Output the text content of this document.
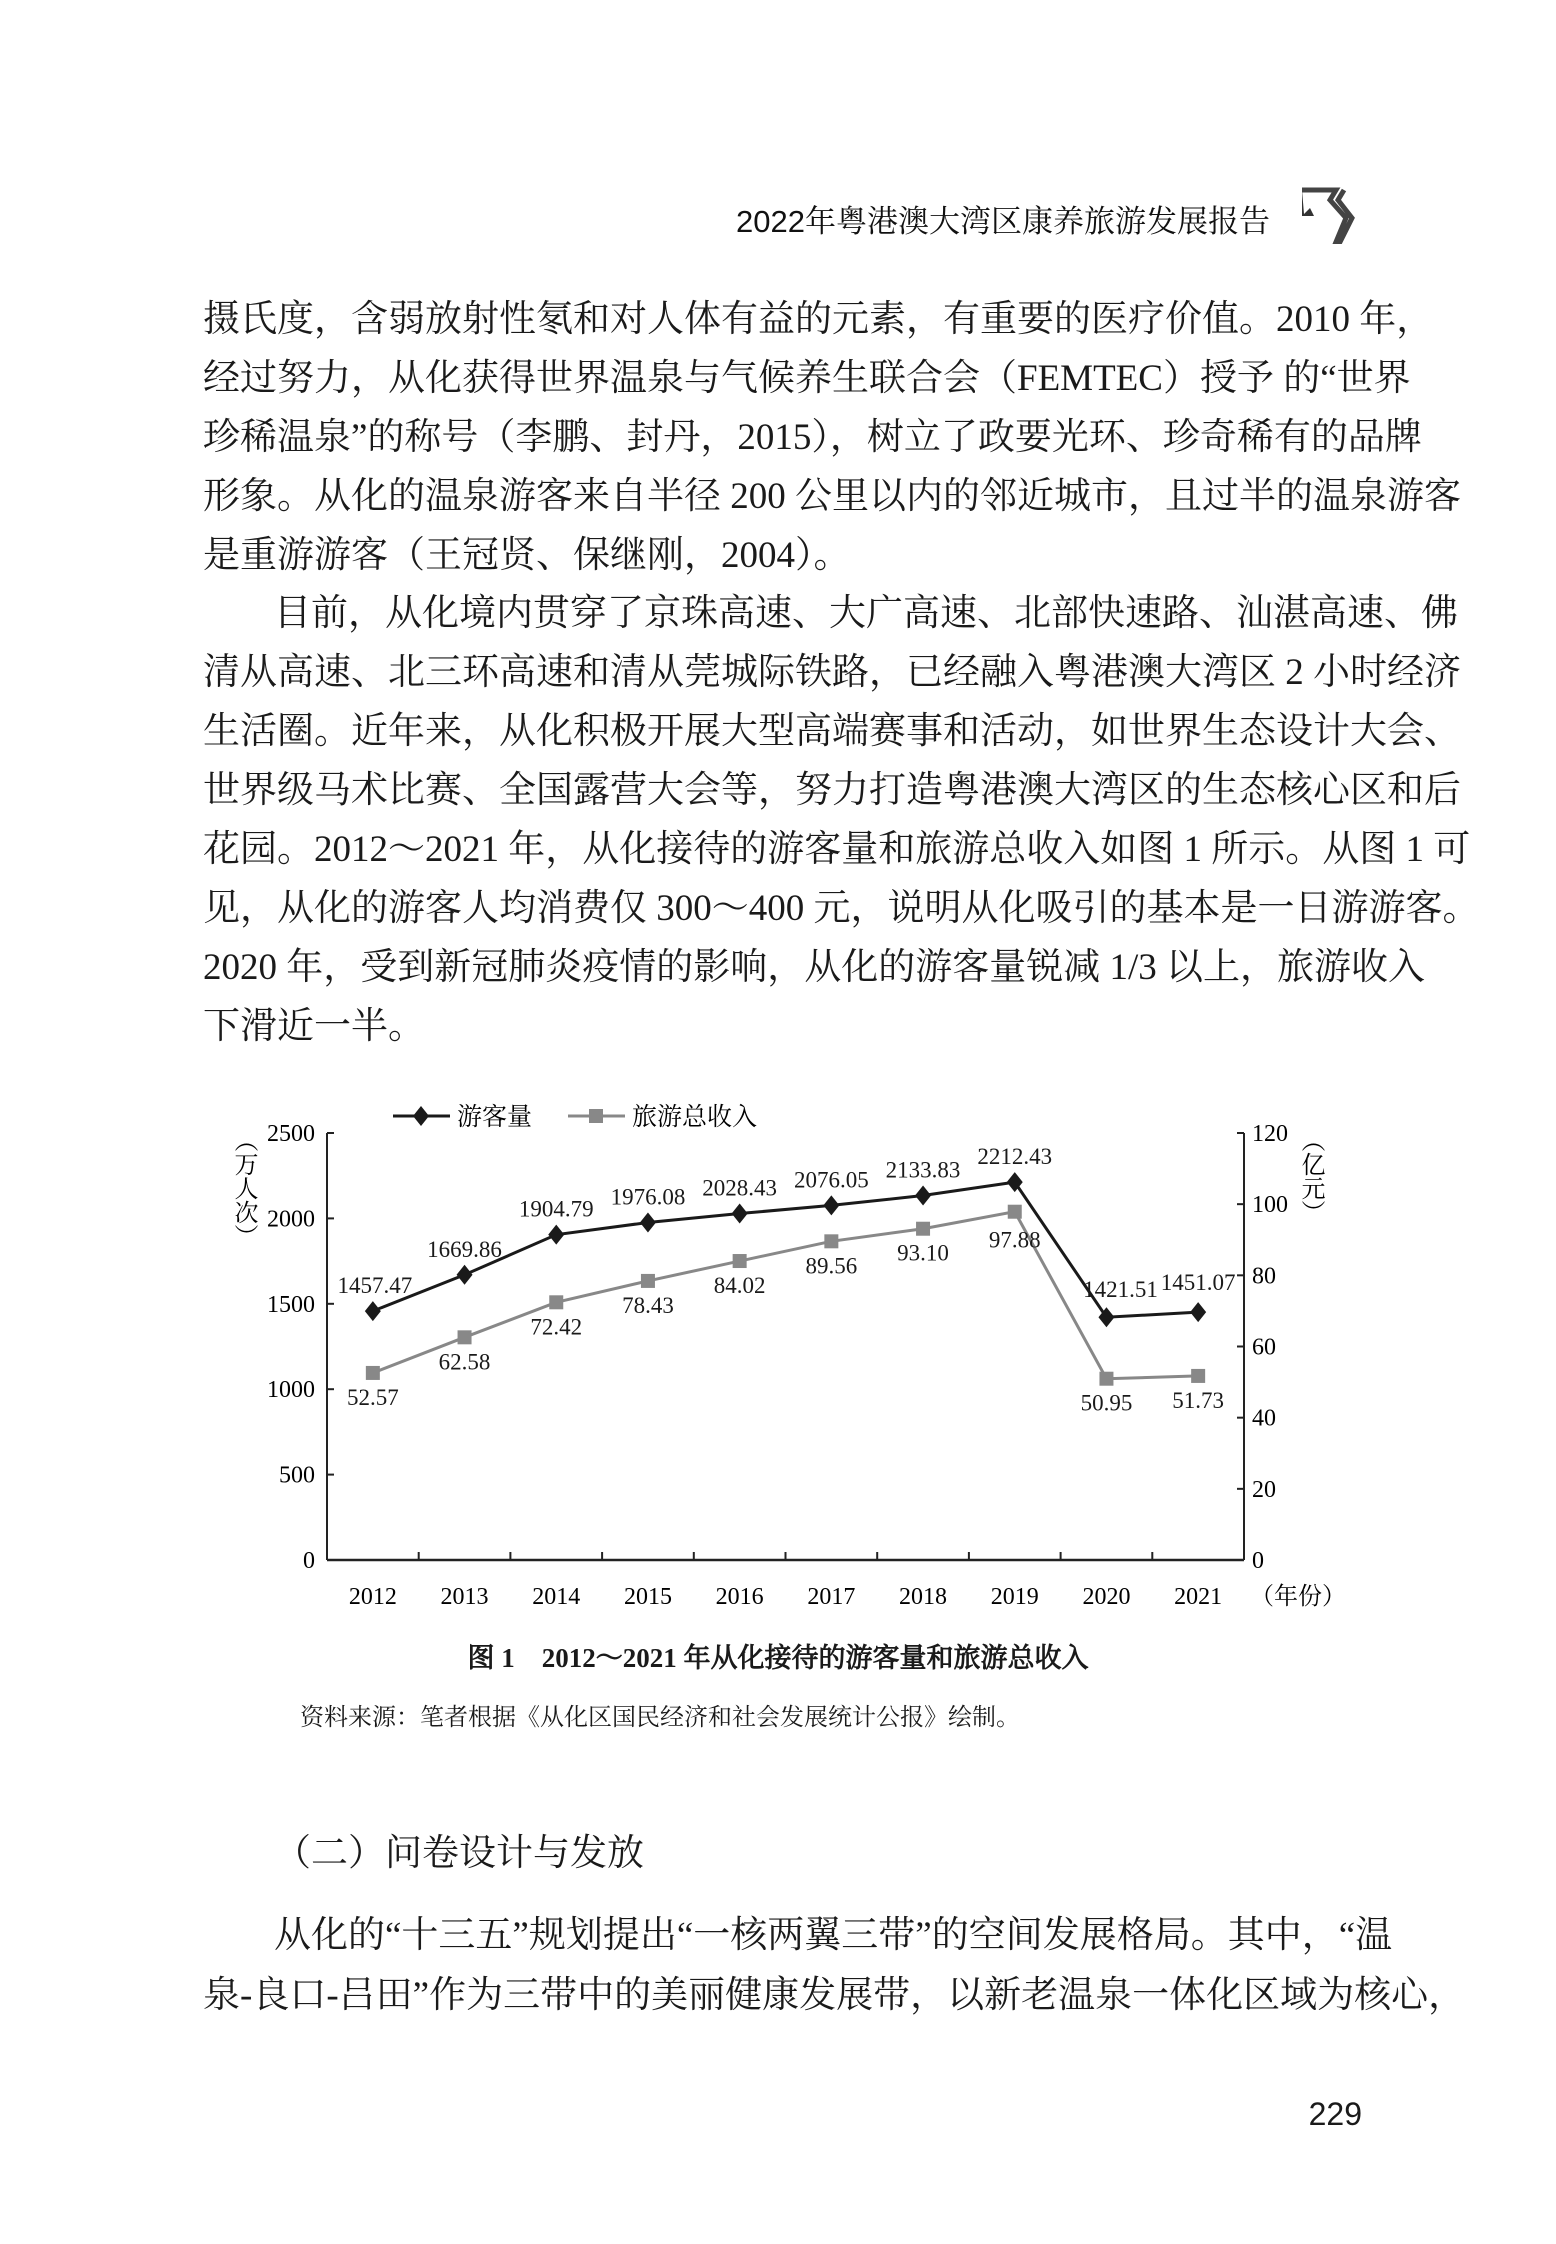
2022年粤港澳大湾区康养旅游发展报告
摄氏度，含弱放射性氡和对人体有益的元素，有重要的医疗价值。2010 年，
经过努力，从化获得世界温泉与气候养生联合会（FEMTEC）授予 的“世界
珍稀温泉”的称号（李鹏、封丹，2015），树立了政要光环、珍奇稀有的品牌
形象。从化的温泉游客来自半径 200 公里以内的邻近城市，且过半的温泉游客
是重游游客（王冠贤、保继刚，2004）。
目前，从化境内贯穿了京珠高速、大广高速、北部快速路、汕湛高速、佛
清从高速、北三环高速和清从莞城际铁路，已经融入粤港澳大湾区 2 小时经济
生活圈。近年来，从化积极开展大型高端赛事和活动，如世界生态设计大会、
世界级马术比赛、全国露营大会等，努力打造粤港澳大湾区的生态核心区和后
花园。2012～2021 年，从化接待的游客量和旅游总收入如图 1 所示。从图 1 可
见，从化的游客人均消费仅 300～400 元，说明从化吸引的基本是一日游游客。
2020 年，受到新冠肺炎疫情的影响，从化的游客量锐减 1/3 以上，旅游收入
下滑近一半。
0
500
1000
1500
2000
2500
0
20
40
60
80
100
120
2012 2013 2014 2015 2016 2017 2018 2019 2020 2021 （年份）
（万人次）	（亿元）
1457.47
1669.86
1904.79 1976.08 2028.43 2076.05 2133.83
2212.43
1421.51 1451.07
52.57
62.58
72.42
78.43
84.02
89.56
93.10
97.88
50.95 51.73
游客量	旅游总收入
图 1　2012～2021 年从化接待的游客量和旅游总收入
资料来源：笔者根据《从化区国民经济和社会发展统计公报》绘制。
（二）问卷设计与发放
从化的“十三五”规划提出“一核两翼三带”的空间发展格局。其中，“温
泉-良口-吕田”作为三带中的美丽健康发展带，以新老温泉一体化区域为核心，
229
